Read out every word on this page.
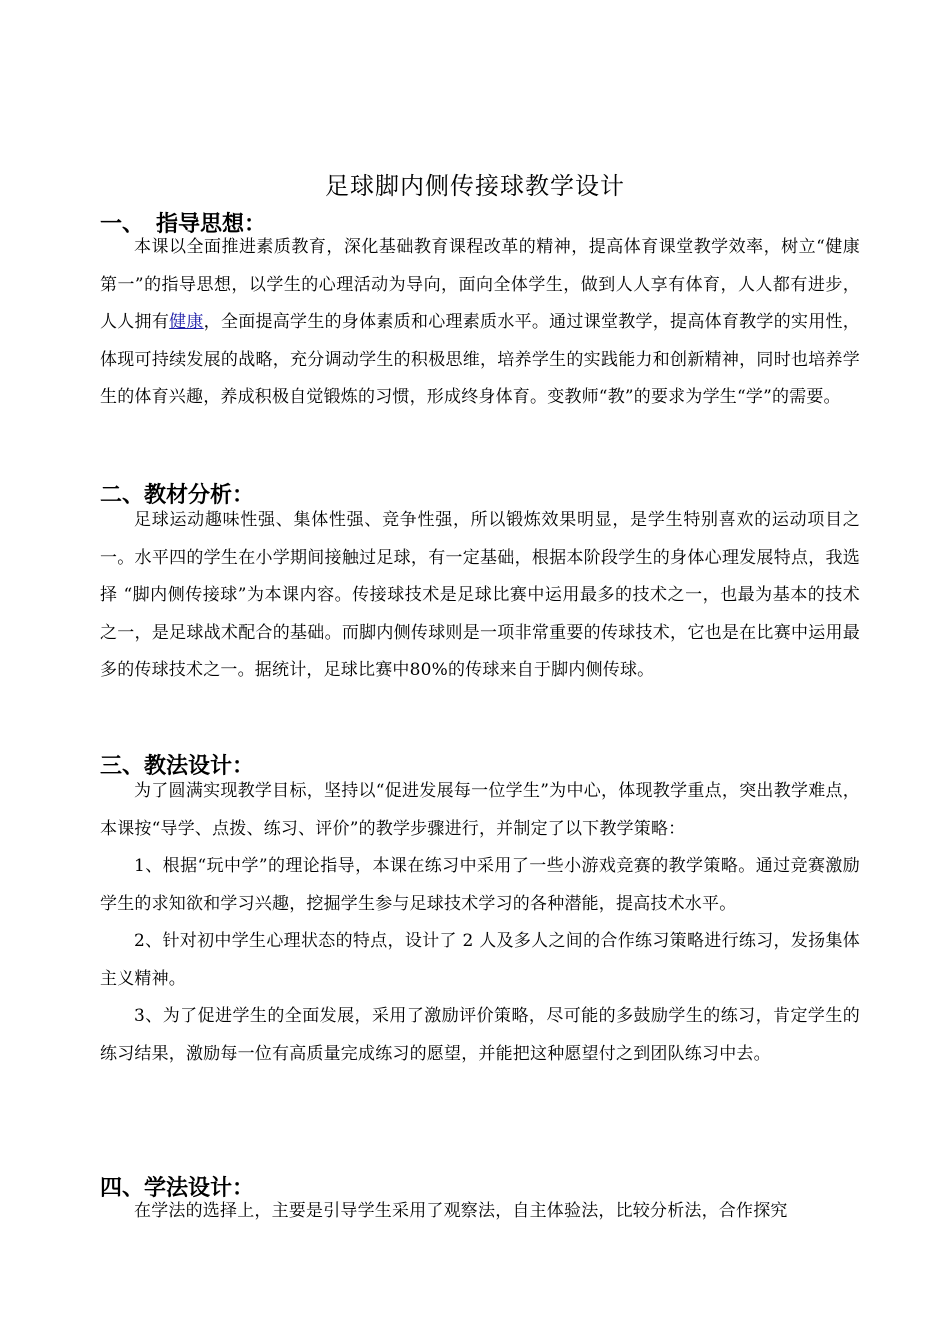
足球脚内侧传接球教学设计
一、 指导思想：

本课以全面推进素质教育，深化基础教育课程改革的精神，提高体育课堂教学效率，树立“健康第一”的指导思想，以学生的心理活动为导向，面向全体学生，做到人人享有体育，人人都有进步，人人拥有健康，全面提高学生的身体素质和心理素质水平。通过课堂教学，提高体育教学的实用性，体现可持续发展的战略，充分调动学生的积极思维，培养学生的实践能力和创新精神，同时也培养学生的体育兴趣，养成积极自觉锻炼的习惯，形成终身体育。变教师“教”的要求为学生“学”的需要。

二、教材分析：

足球运动趣味性强、集体性强、竞争性强，所以锻炼效果明显，是学生特别喜欢的运动项目之一。水平四的学生在小学期间接触过足球，有一定基础，根据本阶段学生的身体心理发展特点，我选择 “脚内侧传接球”为本课内容。传接球技术是足球比赛中运用最多的技术之一，也最为基本的技术之一，是足球战术配合的基础。而脚内侧传球则是一项非常重要的传球技术，它也是在比赛中运用最多的传球技术之一。据统计，足球比赛中80%的传球来自于脚内侧传球。

三、教法设计：

为了圆满实现教学目标，坚持以“促进发展每一位学生”为中心，体现教学重点，突出教学难点，本课按“导学、点拨、练习、评价”的教学步骤进行，并制定了以下教学策略：

1、根据“玩中学”的理论指导，本课在练习中采用了一些小游戏竞赛的教学策略。通过竞赛激励学生的求知欲和学习兴趣，挖掘学生参与足球技术学习的各种潜能，提高技术水平。

2、针对初中学生心理状态的特点，设计了 2 人及多人之间的合作练习策略进行练习，发扬集体主义精神。

3、为了促进学生的全面发展，采用了激励评价策略，尽可能的多鼓励学生的练习，肯定学生的练习结果，激励每一位有高质量完成练习的愿望，并能把这种愿望付之到团队练习中去。

四、学法设计：

在学法的选择上，主要是引导学生采用了观察法，自主体验法，比较分析法，合作探究
